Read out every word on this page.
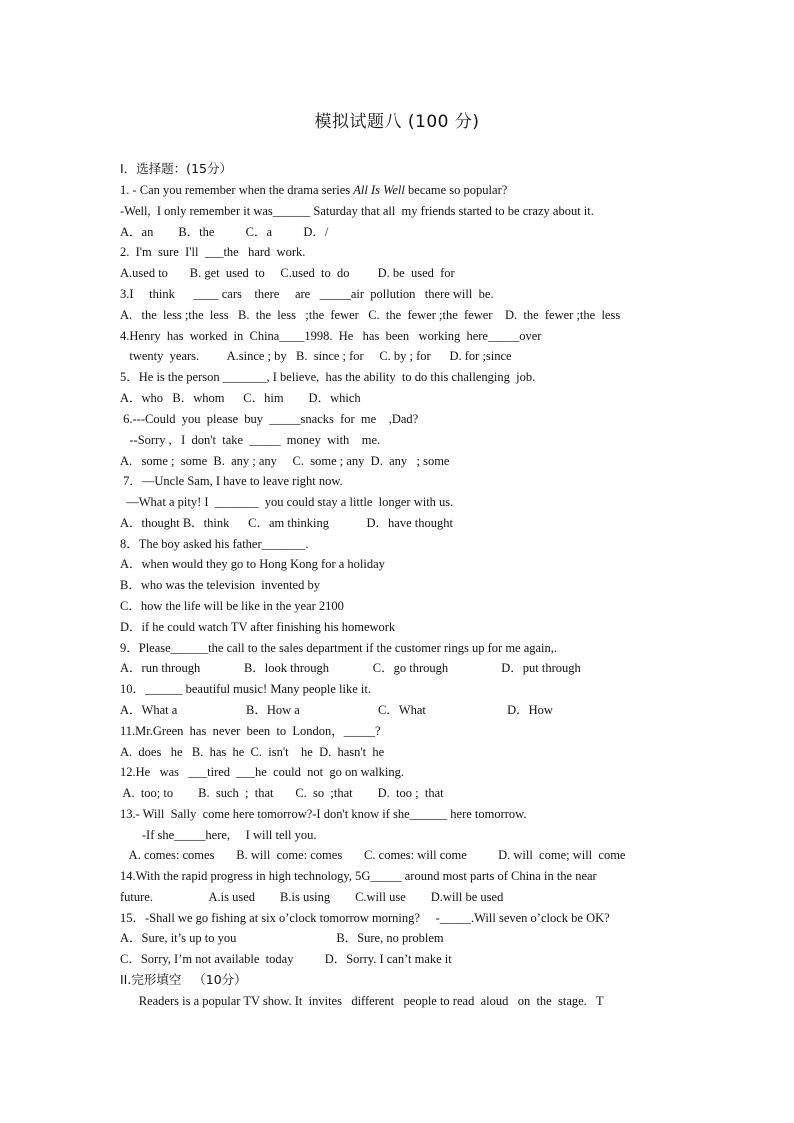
模拟试题八 (100 分)
I．选择题：(15分）
1. - Can you remember when the drama series All Is Well became so popular?
-Well,  I only remember it was______ Saturday that all  my friends started to be crazy about it.
A．an        B．the          C．a          D．/
2.  I'm  sure  I'll  ___the   hard  work.
A.used to       B. get  used  to     C.used  to  do         D. be  used  for
3.I     think      ____ cars    there     are   _____air  pollution   there will  be.
A.   the  less ;the  less   B.  the  less   ;the  fewer   C.  the  fewer ;the  fewer    D.  the  fewer ;the  less
4.Henry  has  worked  in  China____1998.  He   has  been   working  here_____over
twenty  years.         A.since ; by   B.  since ; for     C. by ; for      D. for ;since
5．He is the person _______, I believe,  has the ability  to do this challenging  job.
A．who   B．whom      C．him        D．which
6.---Could  you  please  buy  _____snacks  for  me    ,Dad?
--Sorry ,   I  don't  take  _____  money  with    me.
A.   some ;  some  B.  any ; any     C.  some ; any  D.  any   ; some
7．—Uncle Sam, I have to leave right now.
—What a pity! I  _______  you could stay a little  longer with us.
A．thought B．think      C．am thinking            D．have thought
8．The boy asked his father_______.
A．when would they go to Hong Kong for a holiday
B．who was the television  invented by
C．how the life will be like in the year 2100
D．if he could watch TV after finishing his homework
9．Please______the call to the sales department if the customer rings up for me again,.
A．run through              B．look through              C．go through                 D．put through
10．______ beautiful music! Many people like it.
A．What a                      B．How a                         C．What                          D．How
11.Mr.Green  has  never  been  to  London，_____?
A.  does   he   B.  has  he  C.  isn't    he  D.  hasn't  he
12.He   was   ___tired  ___he  could  not  go on walking.
A.  too; to        B.  such  ;  that       C.  so  ;that        D.  too ;  that
13.- Will  Sally  come here tomorrow?-I don't know if she______ here tomorrow.
-If she_____here,     I will tell you.
A. comes: comes       B. will  come: comes       C. comes: will come          D. will  come; will  come
14.With the rapid progress in high technology, 5G_____ around most parts of China in the near
future.                  A.is used        B.is using        C.will use        D.will be used
15．-Shall we go fishing at six o’clock tomorrow morning?     -_____.Will seven o’clock be OK?
A．Sure, it’s up to you                                B．Sure, no problem
C．Sorry, I’m not available  today          D．Sorry. I can’t make it
II.完形填空   （10分）
Readers is a popular TV show. It  invites   different   people to read  aloud   on  the  stage.   T
